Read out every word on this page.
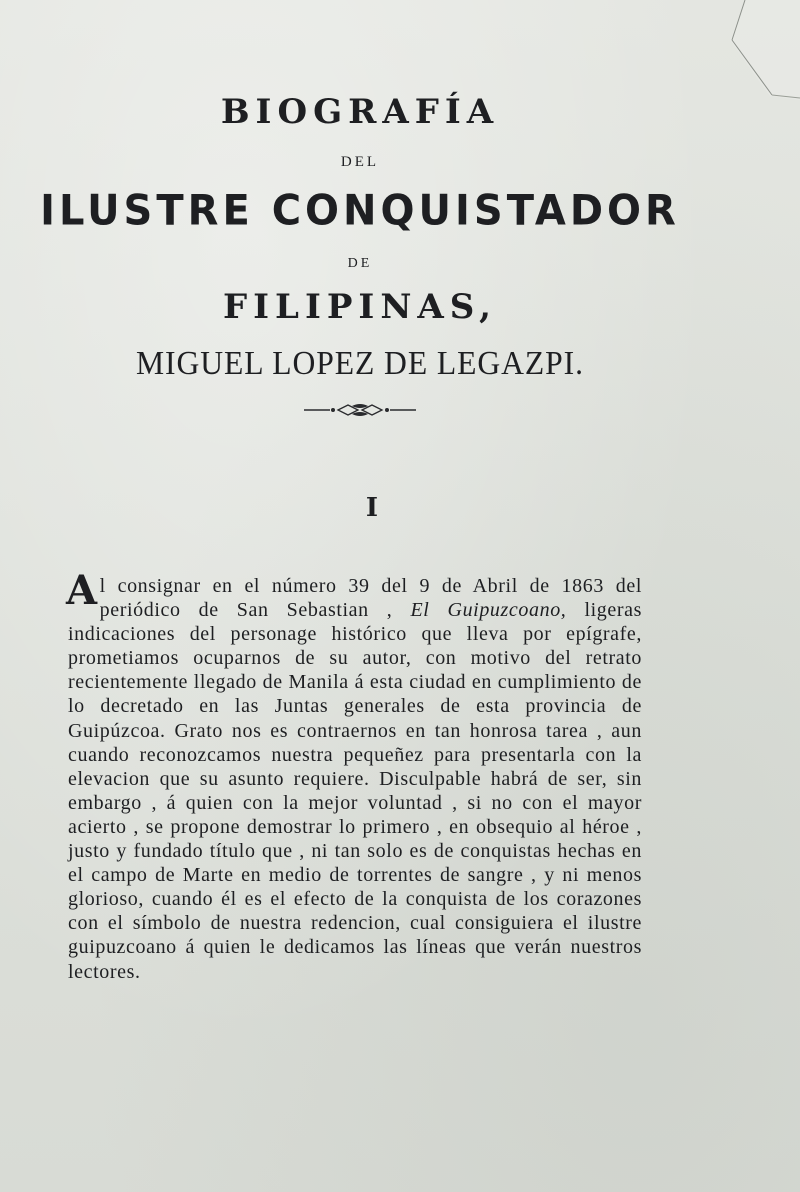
BIOGRAFÍA
DEL
ILUSTRE CONQUISTADOR
DE
FILIPINAS,
MIGUEL LOPEZ DE LEGAZPI.
I

Al consignar en el número 39 del 9 de Abril de 1863 del periódico de San Sebastian , El Guipuzcoano, ligeras indicaciones del personage histórico que lleva por epígrafe, prometiamos ocuparnos de su autor, con motivo del retrato recientemente llegado de Manila á esta ciudad en cumplimiento de lo decretado en las Juntas generales de esta provincia de Guipúzcoa. Grato nos es contraernos en tan honrosa tarea , aun cuando reconozcamos nuestra pequeñez para presentarla con la elevacion que su asunto requiere. Disculpable habrá de ser, sin embargo , á quien con la mejor voluntad , si no con el mayor acierto , se propone demostrar lo primero , en obsequio al héroe , justo y fundado título que , ni tan solo es de conquistas hechas en el campo de Marte en medio de torrentes de sangre , y ni menos glorioso, cuando él es el efecto de la conquista de los corazones con el símbolo de nuestra redencion, cual consiguiera el ilustre guipuzcoano á quien le dedicamos las líneas que verán nuestros lectores.
